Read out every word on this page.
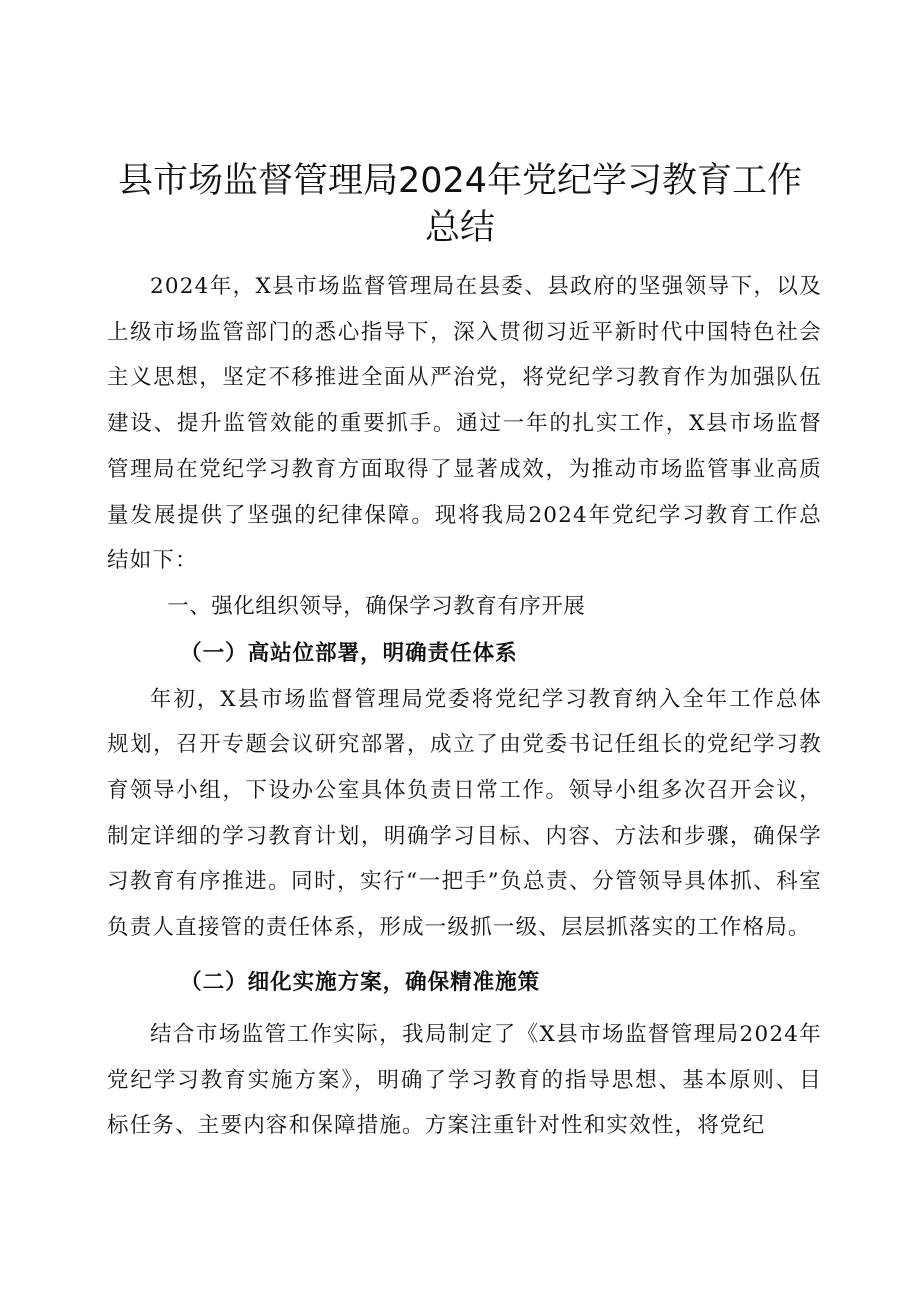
县市场监督管理局2024年党纪学习教育工作
总结

2024年，X县市场监督管理局在县委、县政府的坚强领导下，以及上级市场监管部门的悉心指导下，深入贯彻习近平新时代中国特色社会主义思想，坚定不移推进全面从严治党，将党纪学习教育作为加强队伍建设、提升监管效能的重要抓手。通过一年的扎实工作，X县市场监督管理局在党纪学习教育方面取得了显著成效，为推动市场监管事业高质量发展提供了坚强的纪律保障。现将我局2024年党纪学习教育工作总结如下：

一、强化组织领导，确保学习教育有序开展

（一）高站位部署，明确责任体系

年初，X县市场监督管理局党委将党纪学习教育纳入全年工作总体规划，召开专题会议研究部署，成立了由党委书记任组长的党纪学习教育领导小组，下设办公室具体负责日常工作。领导小组多次召开会议，制定详细的学习教育计划，明确学习目标、内容、方法和步骤，确保学习教育有序推进。同时，实行“一把手”负总责、分管领导具体抓、科室负责人直接管的责任体系，形成一级抓一级、层层抓落实的工作格局。

（二）细化实施方案，确保精准施策

结合市场监管工作实际，我局制定了《X县市场监督管理局2024年党纪学习教育实施方案》，明确了学习教育的指导思想、基本原则、目标任务、主要内容和保障措施。方案注重针对性和实效性，将党纪
